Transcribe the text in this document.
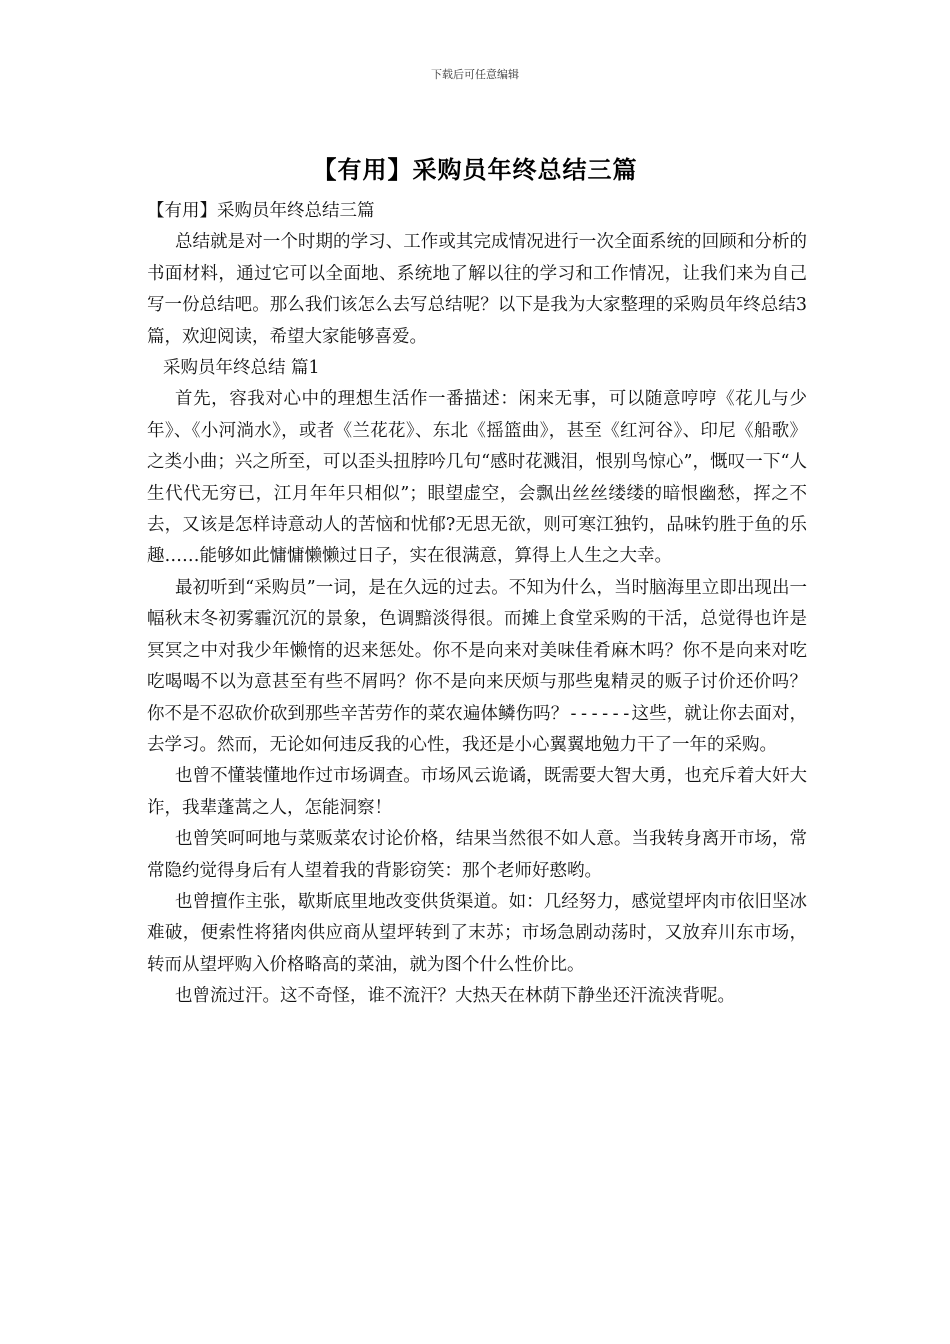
下载后可任意编辑
【有用】采购员年终总结三篇

【有用】采购员年终总结三篇

总结就是对一个时期的学习、工作或其完成情况进行一次全面系统的回顾和分析的书面材料，通过它可以全面地、系统地了解以往的学习和工作情况，让我们来为自己写一份总结吧。那么我们该怎么去写总结呢？以下是我为大家整理的采购员年终总结3篇，欢迎阅读，希望大家能够喜爱。

采购员年终总结 篇1

首先，容我对心中的理想生活作一番描述：闲来无事，可以随意哼哼《花儿与少年》、《小河淌水》，或者《兰花花》、东北《摇篮曲》，甚至《红河谷》、印尼《船歌》之类小曲；兴之所至，可以歪头扭脖吟几句“感时花溅泪，恨别鸟惊心”，慨叹一下“人生代代无穷已，江月年年只相似”；眼望虚空，会飘出丝丝缕缕的暗恨幽愁，挥之不去，又该是怎样诗意动人的苦恼和忧郁?无思无欲，则可寒江独钓，品味钓胜于鱼的乐趣……能够如此慵慵懒懒过日子，实在很满意，算得上人生之大幸。

最初听到“采购员”一词，是在久远的过去。不知为什么，当时脑海里立即出现出一幅秋末冬初雾霾沉沉的景象，色调黯淡得很。而摊上食堂采购的干活，总觉得也许是冥冥之中对我少年懒惰的迟来惩处。你不是向来对美味佳肴麻木吗？你不是向来对吃吃喝喝不以为意甚至有些不屑吗？你不是向来厌烦与那些鬼精灵的贩子讨价还价吗？你不是不忍砍价砍到那些辛苦劳作的菜农遍体鳞伤吗？------这些，就让你去面对，去学习。然而，无论如何违反我的心性，我还是小心翼翼地勉力干了一年的采购。

也曾不懂装懂地作过市场调查。市场风云诡谲，既需要大智大勇，也充斥着大奸大诈，我辈蓬蒿之人，怎能洞察！

也曾笑呵呵地与菜贩菜农讨论价格，结果当然很不如人意。当我转身离开市场，常常隐约觉得身后有人望着我的背影窃笑：那个老师好憨哟。

也曾擅作主张，歇斯底里地改变供货渠道。如：几经努力，感觉望坪肉市依旧坚冰难破，便索性将猪肉供应商从望坪转到了末苏；市场急剧动荡时，又放弃川东市场，转而从望坪购入价格略高的菜油，就为图个什么性价比。

也曾流过汗。这不奇怪，谁不流汗？大热天在林荫下静坐还汗流浃背呢。
